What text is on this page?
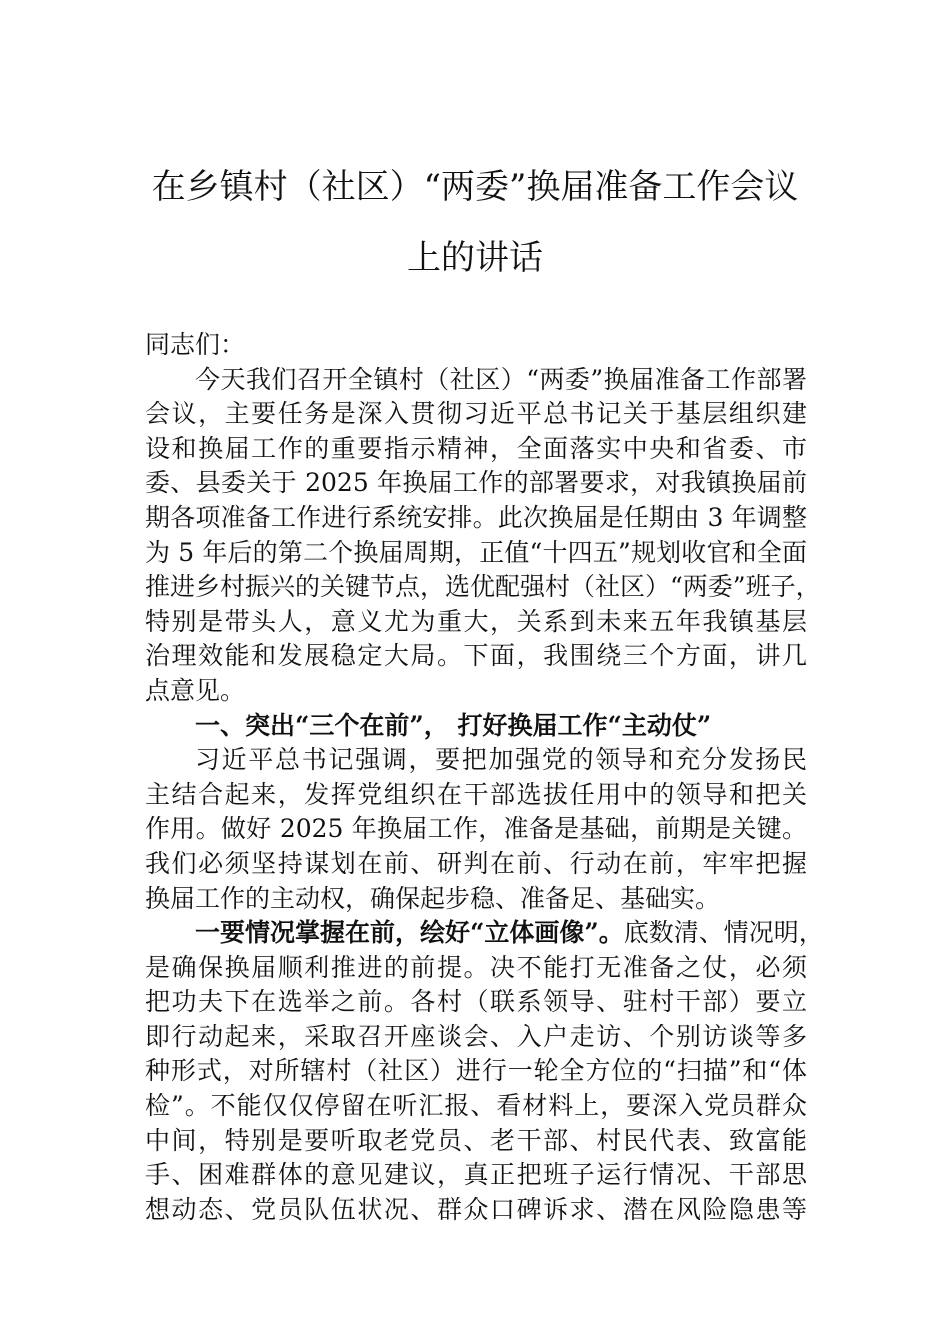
在乡镇村（社区）“两委”换届准备工作会议
上的讲话
同志们：
今天我们召开全镇村（社区）“两委”换届准备工作部署
会议，主要任务是深入贯彻习近平总书记关于基层组织建
设和换届工作的重要指示精神，全面落实中央和省委、市
委、县委关于 2025 年换届工作的部署要求，对我镇换届前
期各项准备工作进行系统安排。此次换届是任期由 3 年调整
为 5 年后的第二个换届周期，正值“十四五”规划收官和全面
推进乡村振兴的关键节点，选优配强村（社区）“两委”班子，
特别是带头人，意义尤为重大，关系到未来五年我镇基层
治理效能和发展稳定大局。下面，我围绕三个方面，讲几
点意见。
一、突出“三个在前”， 打好换届工作“主动仗”
习近平总书记强调，要把加强党的领导和充分发扬民
主结合起来，发挥党组织在干部选拔任用中的领导和把关
作用。做好 2025 年换届工作，准备是基础，前期是关键。
我们必须坚持谋划在前、研判在前、行动在前，牢牢把握
换届工作的主动权，确保起步稳、准备足、基础实。
一要情况掌握在前，绘好“立体画像”。底数清、情况明，
是确保换届顺利推进的前提。决不能打无准备之仗，必须
把功夫下在选举之前。各村（联系领导、驻村干部）要立
即行动起来，采取召开座谈会、入户走访、个别访谈等多
种形式，对所辖村（社区）进行一轮全方位的“扫描”和“体
检”。不能仅仅停留在听汇报、看材料上，要深入党员群众
中间，特别是要听取老党员、老干部、村民代表、致富能
手、困难群体的意见建议，真正把班子运行情况、干部思
想动态、党员队伍状况、群众口碑诉求、潜在风险隐患等
